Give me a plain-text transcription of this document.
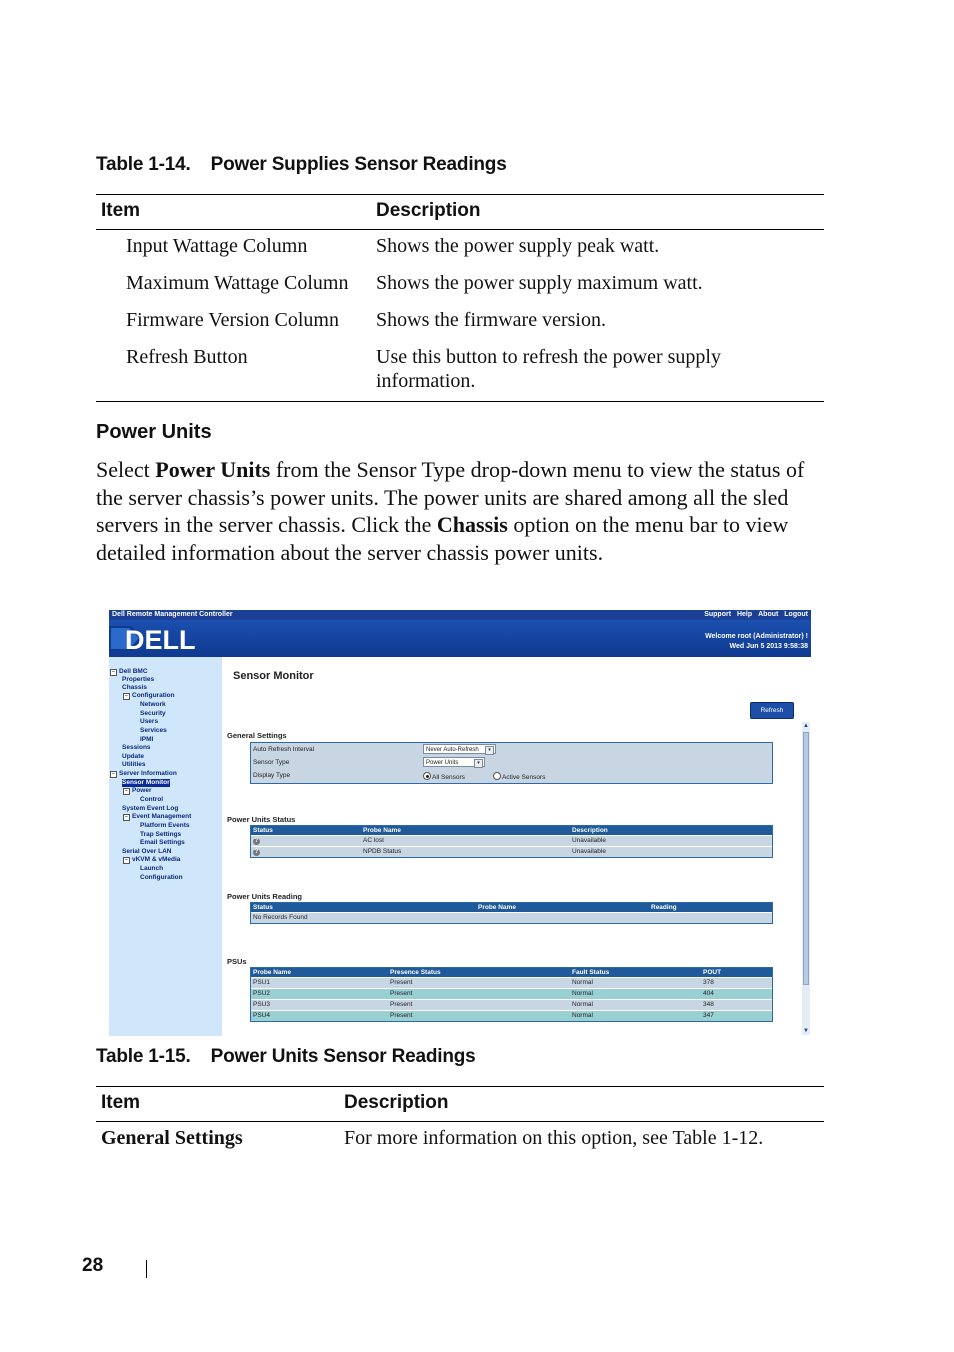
Table 1-14. Power Supplies Sensor Readings
Item	Description
Input Wattage Column	Shows the power supply peak watt.
Maximum Wattage Column	Shows the power supply maximum watt.
Firmware Version Column	Shows the firmware version.
Refresh Button	Use this button to refresh the power supply information.
Power Units
Select Power Units from the Sensor Type drop-down menu to view the status of the server chassis’s power units. The power units are shared among all the sled servers in the server chassis. Click the Chassis option on the menu bar to view detailed information about the server chassis power units.
Dell Remote Management Controller	Support Help About Logout
DELL	Welcome root (Administrator) !
Wed Jun 5 2013 9:58:38
− Dell BMC
Properties
Chassis
− Configuration
Network
Security
Users
Services
IPMI
Sessions
Update
Utilities
− Server Information
Sensor Monitor
− Power
Control
System Event Log
− Event Management
Platform Events
Trap Settings
Email Settings
Serial Over LAN
− vKVM & vMedia
Launch
Configuration
Sensor Monitor
Refresh
General Settings
Auto Refresh Interval	Never Auto-Refresh	▾
Sensor Type	Power Units	▾
Display Type	All Sensors	Active Sensors
Power Units Status
Status	Probe Name	Description
?	AC lost	Unavailable
?	NPDB Status	Unavailable
Power Units Reading
Status	Probe Name	Reading
No Records Found
PSUs
Probe Name	Presence Status	Fault Status	POUT
PSU1	Present	Normal	378
PSU2	Present	Normal	404
PSU3	Present	Normal	348
PSU4	Present	Normal	347
▲
▼
Table 1-15. Power Units Sensor Readings
Item	Description
General Settings	For more information on this option, see Table 1-12.
28
